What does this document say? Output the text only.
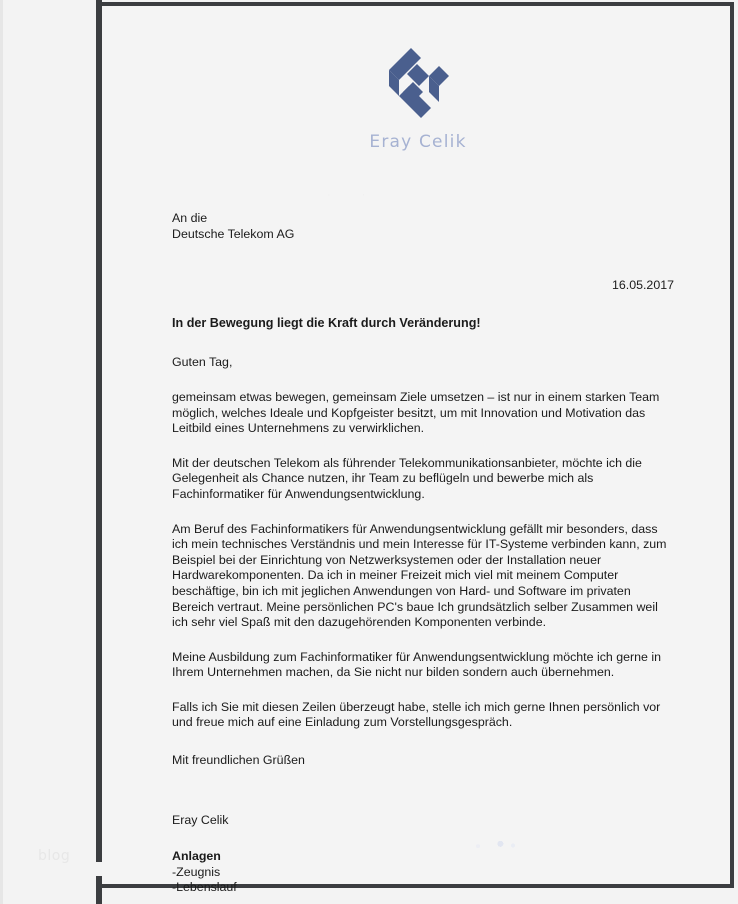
blog
Eray Celik
· ·
An die
Deutsche Telekom AG
16.05.2017
In der Bewegung liegt die Kraft durch Veränderung!
Guten Tag,
gemeinsam etwas bewegen, gemeinsam Ziele umsetzen – ist nur in einem starken Team möglich, welches Ideale und Kopfgeister besitzt, um mit Innovation und Motivation das Leitbild eines Unternehmens zu verwirklichen.
Mit der deutschen Telekom als führender Telekommunikationsanbieter, möchte ich die Gelegenheit als Chance nutzen, ihr Team zu beflügeln und bewerbe mich als Fachinformatiker für Anwendungsentwicklung.
Am Beruf des Fachinformatikers für Anwendungsentwicklung gefällt mir besonders, dass ich mein technisches Verständnis und mein Interesse für IT-Systeme verbinden kann, zum Beispiel bei der Einrichtung von Netzwerksystemen oder der Installation neuer Hardwarekomponenten. Da ich in meiner Freizeit mich viel mit meinem Computer beschäftige, bin ich mit jeglichen Anwendungen von Hard- und Software im privaten Bereich vertraut. Meine persönlichen PC's baue Ich grundsätzlich selber Zusammen weil ich sehr viel Spaß mit den dazugehörenden Komponenten verbinde.
Meine Ausbildung zum Fachinformatiker für Anwendungsentwicklung möchte ich gerne in Ihrem Unternehmen machen, da Sie nicht nur bilden sondern auch übernehmen.
Falls ich Sie mit diesen Zeilen überzeugt habe, stelle ich mich gerne Ihnen persönlich vor und freue mich auf eine Einladung zum Vorstellungsgespräch.
Mit freundlichen Grüßen
Eray Celik
Anlagen
-Zeugnis
-Lebenslauf
